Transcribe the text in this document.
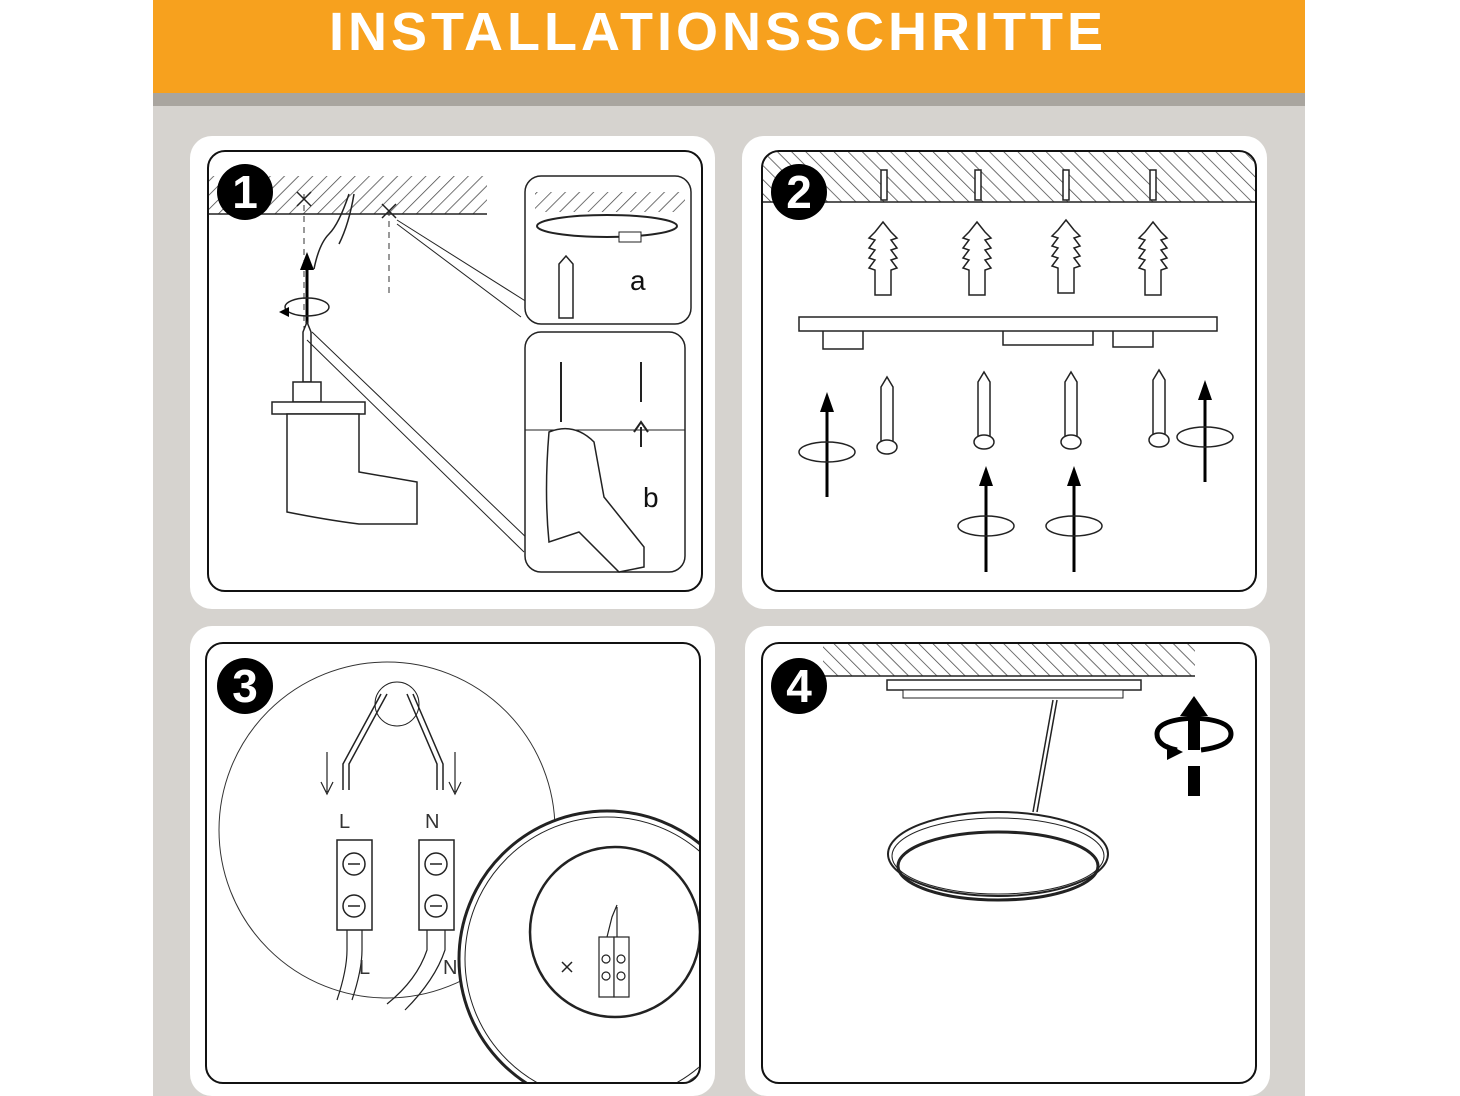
INSTALLATIONSSCHRITTE
1
a
b
2
L	N
L	N
3	4
